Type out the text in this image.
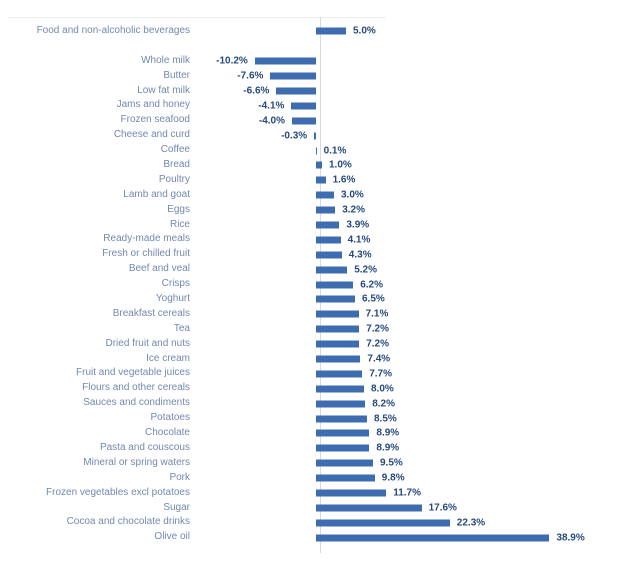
Food and non-alcoholic beverages	5.0%
Whole milk	-10.2%
Butter	-7.6%
Low fat milk	-6.6%
Jams and honey	-4.1%
Frozen seafood	-4.0%
Cheese and curd	-0.3%
Coffee	0.1%
Bread	1.0%
Poultry	1.6%
Lamb and goat	3.0%
Eggs	3.2%
Rice	3.9%
Ready-made meals	4.1%
Fresh or chilled fruit	4.3%
Beef and veal	5.2%
Crisps	6.2%
Yoghurt	6.5%
Breakfast cereals	7.1%
Tea	7.2%
Dried fruit and nuts	7.2%
Ice cream	7.4%
Fruit and vegetable juices	7.7%
Flours and other cereals	8.0%
Sauces and condiments	8.2%
Potatoes	8.5%
Chocolate	8.9%
Pasta and couscous	8.9%
Mineral or spring waters	9.5%
Pork	9.8%
Frozen vegetables excl potatoes	11.7%
Sugar	17.6%
Cocoa and chocolate drinks	22.3%
Olive oil	38.9%
